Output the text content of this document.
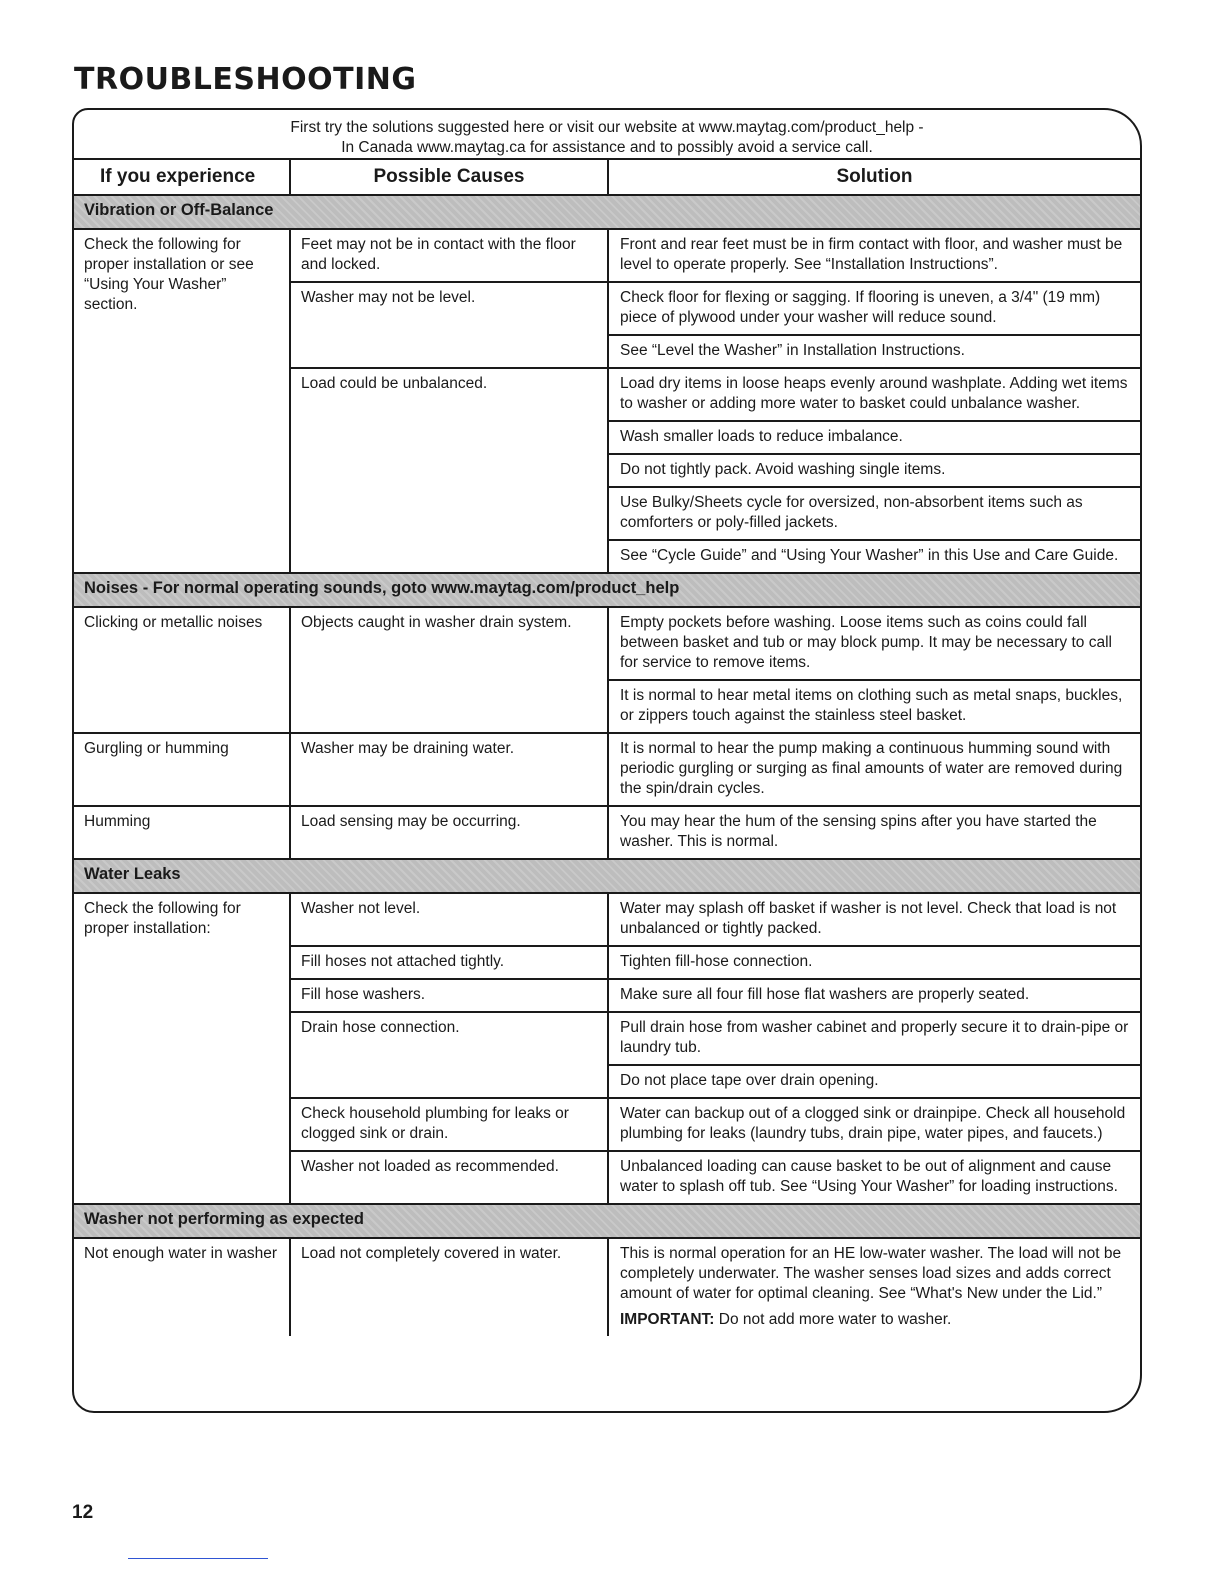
TROUBLESHOOTING
First try the solutions suggested here or visit our website at www.maytag.com/product_help -
In Canada www.maytag.ca for assistance and to possibly avoid a service call.
If you experience	Possible Causes	Solution
Vibration or Off-Balance		
Check the following for proper installation or see “Using Your Washer” section.	Feet may not be in contact with the floor and locked.	Front and rear feet must be in firm contact with floor, and washer must be level to operate properly. See “Installation Instructions”.
	Washer may not be level.	Check floor for flexing or sagging. If flooring is uneven, a 3/4" (19 mm) piece of plywood under your washer will reduce sound.
		See “Level the Washer” in Installation Instructions.
	Load could be unbalanced.	Load dry items in loose heaps evenly around washplate. Adding wet items to washer or adding more water to basket could unbalance washer.
		Wash smaller loads to reduce imbalance.
		Do not tightly pack. Avoid washing single items.
		Use Bulky/Sheets cycle for oversized, non-absorbent items such as comforters or poly-filled jackets.
		See “Cycle Guide” and “Using Your Washer” in this Use and Care Guide.
Noises - For normal operating sounds, goto www.maytag.com/product_help		
Clicking or metallic noises	Objects caught in washer drain system.	Empty pockets before washing. Loose items such as coins could fall between basket and tub or may block pump. It may be necessary to call for service to remove items.
		It is normal to hear metal items on clothing such as metal snaps, buckles, or zippers touch against the stainless steel basket.
Gurgling or humming	Washer may be draining water.	It is normal to hear the pump making a continuous humming sound with periodic gurgling or surging as final amounts of water are removed during the spin/drain cycles.
Humming	Load sensing may be occurring.	You may hear the hum of the sensing spins after you have started the washer. This is normal.
Water Leaks		
Check the following for proper installation:	Washer not level.	Water may splash off basket if washer is not level. Check that load is not unbalanced or tightly packed.
	Fill hoses not attached tightly.	Tighten fill-hose connection.
	Fill hose washers.	Make sure all four fill hose flat washers are properly seated.
	Drain hose connection.	Pull drain hose from washer cabinet and properly secure it to drain-pipe or laundry tub.
		Do not place tape over drain opening.
	Check household plumbing for leaks or clogged sink or drain.	Water can backup out of a clogged sink or drainpipe. Check all household plumbing for leaks (laundry tubs, drain pipe, water pipes, and faucets.)
	Washer not loaded as recommended.	Unbalanced loading can cause basket to be out of alignment and cause water to splash off tub. See “Using Your Washer” for loading instructions.
Washer not performing as expected		
Not enough water in washer	Load not completely covered in water.	This is normal operation for an HE low-water washer. The load will not be completely underwater. The washer senses load sizes and adds correct amount of water for optimal cleaning. See “What's New under the Lid.”
IMPORTANT: Do not add more water to washer.
12
